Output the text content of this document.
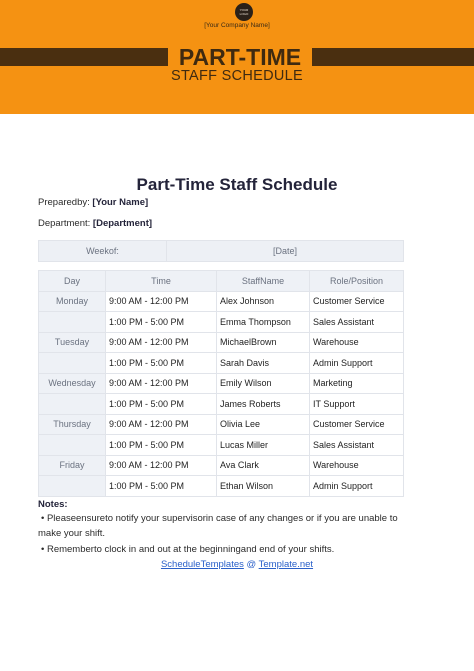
YOUR LOGO
[Your Company Name]
PART-TIME
STAFF SCHEDULE
Part-Time Staff Schedule
Preparedby: [Your Name]
Department: [Department]
Weekof:	[Date]
Day	Time	StaffName	Role/Position
Monday	9:00 AM - 12:00 PM	Alex Johnson	Customer Service
	1:00 PM - 5:00 PM	Emma Thompson	Sales Assistant
Tuesday	9:00 AM - 12:00 PM	MichaelBrown	Warehouse
	1:00 PM - 5:00 PM	Sarah Davis	Admin Support
Wednesday	9:00 AM - 12:00 PM	Emily Wilson	Marketing
	1:00 PM - 5:00 PM	James Roberts	IT Support
Thursday	9:00 AM - 12:00 PM	Olivia Lee	Customer Service
	1:00 PM - 5:00 PM	Lucas Miller	Sales Assistant
Friday	9:00 AM - 12:00 PM	Ava Clark	Warehouse
	1:00 PM - 5:00 PM	Ethan Wilson	Admin Support
Notes:
• Pleaseensureto notify your supervisorin case of any changes or if you are unable to make your shift.
• Rememberto clock in and out at the beginningand end of your shifts.
ScheduleTemplates @ Template.net
